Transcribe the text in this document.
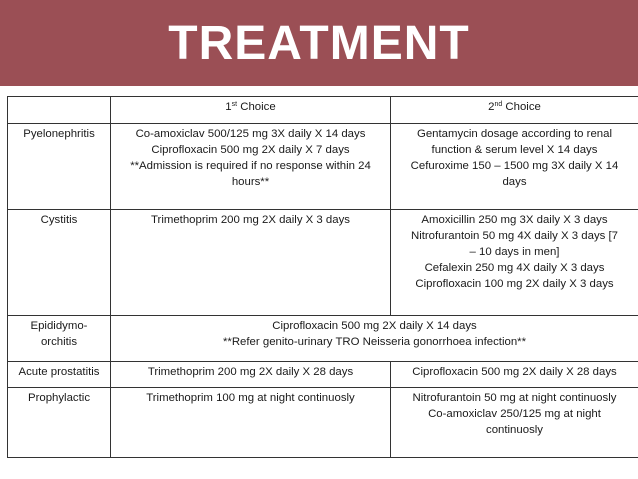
TREATMENT
	1st Choice	2nd Choice

Pyelonephritis	Co-amoxiclav 500/125 mg 3X daily X 14 days
Ciprofloxacin 500 mg 2X daily X 7 days
**Admission is required if no response within 24
hours**	Gentamycin dosage according to renal
function & serum level X 14 days
Cefuroxime 150 – 1500 mg 3X daily X 14
days

Cystitis	Trimethoprim 200 mg 2X daily X 3 days	Amoxicillin 250 mg 3X daily X 3 days
Nitrofurantoin 50 mg 4X daily X 3 days [7
– 10 days in men]
Cefalexin 250 mg 4X daily X 3 days
Ciprofloxacin 100 mg 2X daily X 3 days

Epididymo-
orchitis	Ciprofloxacin 500 mg 2X daily X 14 days
**Refer genito-urinary TRO Neisseria gonorrhoea infection**	

Acute prostatitis	Trimethoprim 200 mg 2X daily X 28 days	Ciprofloxacin 500 mg 2X daily X 28 days

Prophylactic	Trimethoprim 100 mg at night continuosly	Nitrofurantoin 50 mg at night continuosly
Co-amoxiclav 250/125 mg at night
continuosly
